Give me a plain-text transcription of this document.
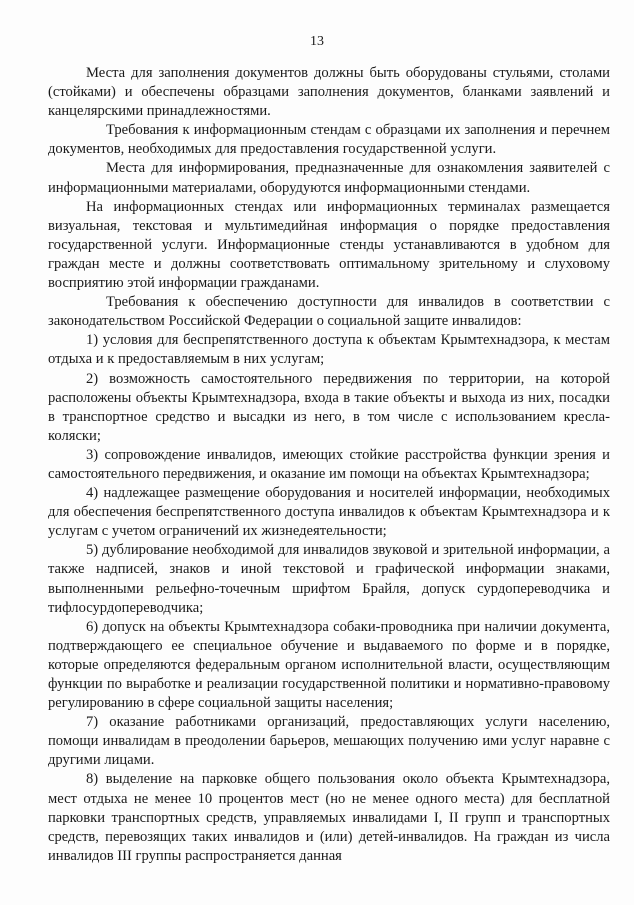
13

Места для заполнения документов должны быть оборудованы стульями, столами (стойками) и обеспечены образцами заполнения документов, бланками заявлений и канцелярскими принадлежностями.

Требования к информационным стендам с образцами их заполнения и перечнем документов, необходимых для предоставления государственной услуги.

Места для информирования, предназначенные для ознакомления заявителей с информационными материалами, оборудуются информационными стендами.

На информационных стендах или информационных терминалах размещается визуальная, текстовая и мультимедийная информация о порядке предоставления государственной услуги. Информационные стенды устанавливаются в удобном для граждан месте и должны соответствовать оптимальному зрительному и слуховому восприятию этой информации гражданами.

Требования к обеспечению доступности для инвалидов в соответствии с законодательством Российской Федерации о социальной защите инвалидов:

1) условия для беспрепятственного доступа к объектам Крымтехнадзора, к местам отдыха и к предоставляемым в них услугам;

2) возможность самостоятельного передвижения по территории, на которой расположены объекты Крымтехнадзора, входа в такие объекты и выхода из них, посадки в транспортное средство и высадки из него, в том числе с использованием кресла-коляски;

3) сопровождение инвалидов, имеющих стойкие расстройства функции зрения и самостоятельного передвижения, и оказание им помощи на объектах Крымтехнадзора;

4) надлежащее размещение оборудования и носителей информации, необходимых для обеспечения беспрепятственного доступа инвалидов к объектам Крымтехнадзора и к услугам с учетом ограничений их жизнедеятельности;

5) дублирование необходимой для инвалидов звуковой и зрительной информации, а также надписей, знаков и иной текстовой и графической информации знаками, выполненными рельефно-точечным шрифтом Брайля, допуск сурдопереводчика и тифлосурдопереводчика;

6) допуск на объекты Крымтехнадзора собаки-проводника при наличии документа, подтверждающего ее специальное обучение и выдаваемого по форме и в порядке, которые определяются федеральным органом исполнительной власти, осуществляющим функции по выработке и реализации государственной политики и нормативно-правовому регулированию в сфере социальной защиты населения;

7) оказание работниками организаций, предоставляющих услуги населению, помощи инвалидам в преодолении барьеров, мешающих получению ими услуг наравне с другими лицами.

8) выделение на парковке общего пользования около объекта Крымтехнадзора, мест отдыха не менее 10 процентов мест (но не менее одного места) для бесплатной парковки транспортных средств, управляемых инвалидами I, II групп и транспортных средств, перевозящих таких инвалидов и (или) детей-инвалидов. На граждан из числа инвалидов III группы распространяется данная
